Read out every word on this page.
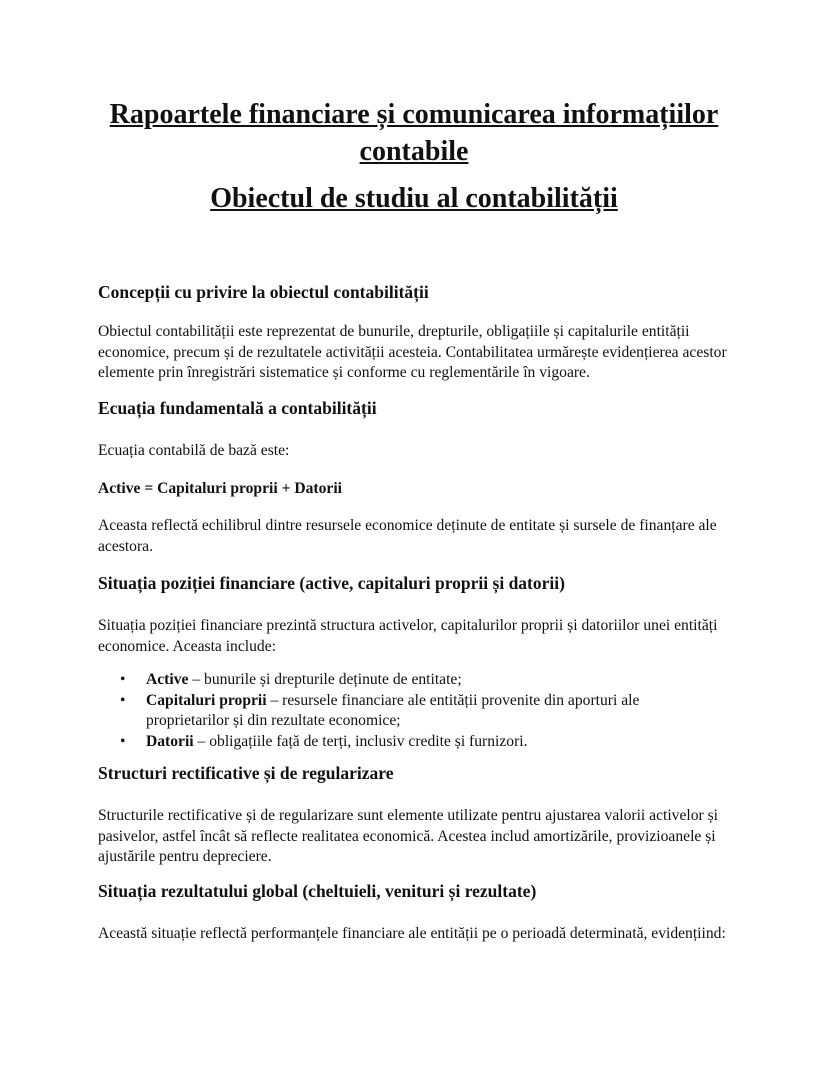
Rapoartele financiare și comunicarea informațiilor contabile
Obiectul de studiu al contabilității
Concepții cu privire la obiectul contabilității

Obiectul contabilității este reprezentat de bunurile, drepturile, obligațiile și capitalurile entității economice, precum și de rezultatele activității acesteia. Contabilitatea urmărește evidențierea acestor elemente prin înregistrări sistematice și conforme cu reglementările în vigoare.

Ecuația fundamentală a contabilității

Ecuația contabilă de bază este:

Active = Capitaluri proprii + Datorii

Aceasta reflectă echilibrul dintre resursele economice deținute de entitate și sursele de finanțare ale acestora.

Situația poziției financiare (active, capitaluri proprii și datorii)

Situația poziției financiare prezintă structura activelor, capitalurilor proprii și datoriilor unei entități economice. Aceasta include:

• Active – bunurile și drepturile deținute de entitate;
• Capitaluri proprii – resursele financiare ale entității provenite din aporturi ale proprietarilor și din rezultate economice;
• Datorii – obligațiile față de terți, inclusiv credite și furnizori.
Structuri rectificative și de regularizare

Structurile rectificative și de regularizare sunt elemente utilizate pentru ajustarea valorii activelor și pasivelor, astfel încât să reflecte realitatea economică. Acestea includ amortizările, provizioanele și ajustările pentru depreciere.

Situația rezultatului global (cheltuieli, venituri și rezultate)

Această situație reflectă performanțele financiare ale entității pe o perioadă determinată, evidențiind:
